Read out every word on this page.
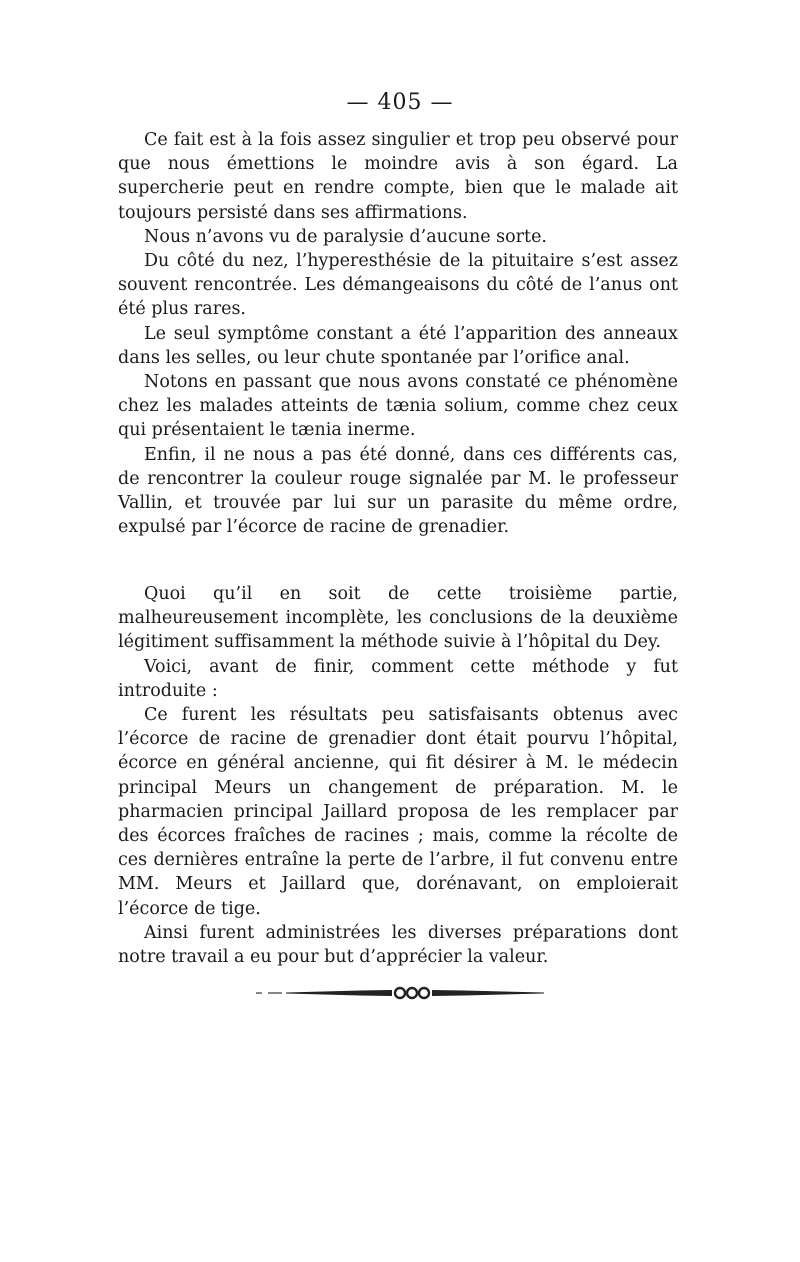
— 405 —

Ce fait est à la fois assez singulier et trop peu observé pour que nous émettions le moindre avis à son égard. La supercherie peut en rendre compte, bien que le malade ait toujours persisté dans ses affirmations.

Nous n’avons vu de paralysie d’aucune sorte.

Du côté du nez, l’hyperesthésie de la pituitaire s’est assez souvent rencontrée. Les démangeaisons du côté de l’anus ont été plus rares.

Le seul symptôme constant a été l’apparition des anneaux dans les selles, ou leur chute spontanée par l’orifice anal.

Notons en passant que nous avons constaté ce phénomène chez les malades atteints de tænia solium, comme chez ceux qui présentaient le tænia inerme.

Enfin, il ne nous a pas été donné, dans ces différents cas, de rencontrer la couleur rouge signalée par M. le professeur Vallin, et trouvée par lui sur un parasite du même ordre, expulsé par l’écorce de racine de grenadier.

Quoi qu’il en soit de cette troisième partie, malheureusement incomplète, les conclusions de la deuxième légitiment suffisamment la méthode suivie à l’hôpital du Dey.

Voici, avant de finir, comment cette méthode y fut introduite :

Ce furent les résultats peu satisfaisants obtenus avec l’écorce de racine de grenadier dont était pourvu l’hôpital, écorce en général ancienne, qui fit désirer à M. le médecin principal Meurs un changement de préparation. M. le pharmacien principal Jaillard proposa de les remplacer par des écorces fraîches de racines ; mais, comme la récolte de ces dernières entraîne la perte de l’arbre, il fut convenu entre MM. Meurs et Jaillard que, dorénavant, on emploierait l’écorce de tige.

Ainsi furent administrées les diverses préparations dont notre travail a eu pour but d’apprécier la valeur.
